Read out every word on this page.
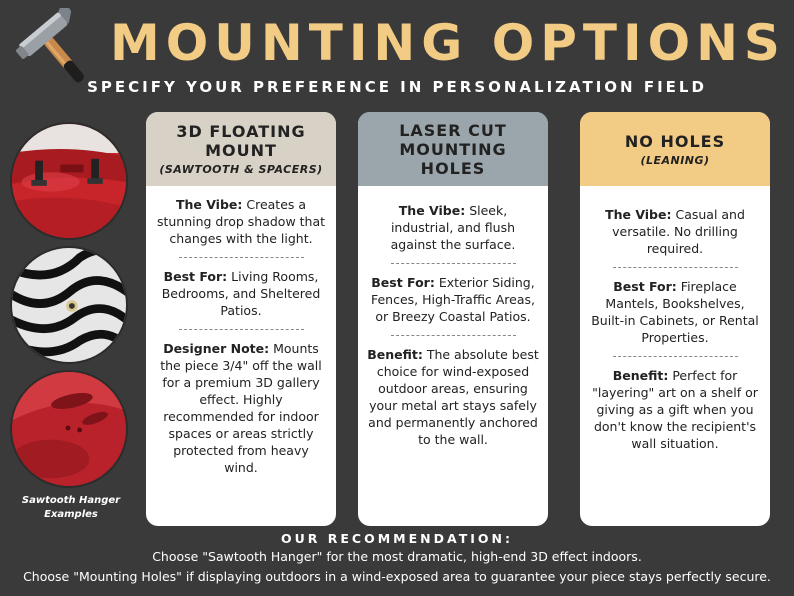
MOUNTING OPTIONS
SPECIFY YOUR PREFERENCE IN PERSONALIZATION FIELD
Sawtooth Hanger
Examples
3D FLOATING
MOUNT
(SAWTOOTH & SPACERS)

The Vibe: Creates a stunning drop shadow that changes with the light.

Best For: Living Rooms, Bedrooms, and Sheltered Patios.

Designer Note: Mounts the piece 3/4" off the wall for a premium 3D gallery effect. Highly recommended for indoor spaces or areas strictly protected from heavy wind.

LASER CUT
MOUNTING
HOLES

The Vibe: Sleek, industrial, and flush against the surface.

Best For: Exterior Siding, Fences, High-Traffic Areas, or Breezy Coastal Patios.

Benefit: The absolute best choice for wind-exposed outdoor areas, ensuring your metal art stays safely and permanently anchored to the wall.

NO HOLES
(LEANING)

The Vibe: Casual and versatile. No drilling required.

Best For: Fireplace Mantels, Bookshelves, Built-in Cabinets, or Rental Properties.

Benefit: Perfect for "layering" art on a shelf or giving as a gift when you don't know the recipient's wall situation.

OUR RECOMMENDATION:
Choose "Sawtooth Hanger" for the most dramatic, high-end 3D effect indoors.
Choose "Mounting Holes" if displaying outdoors in a wind-exposed area to guarantee your piece stays perfectly secure.
